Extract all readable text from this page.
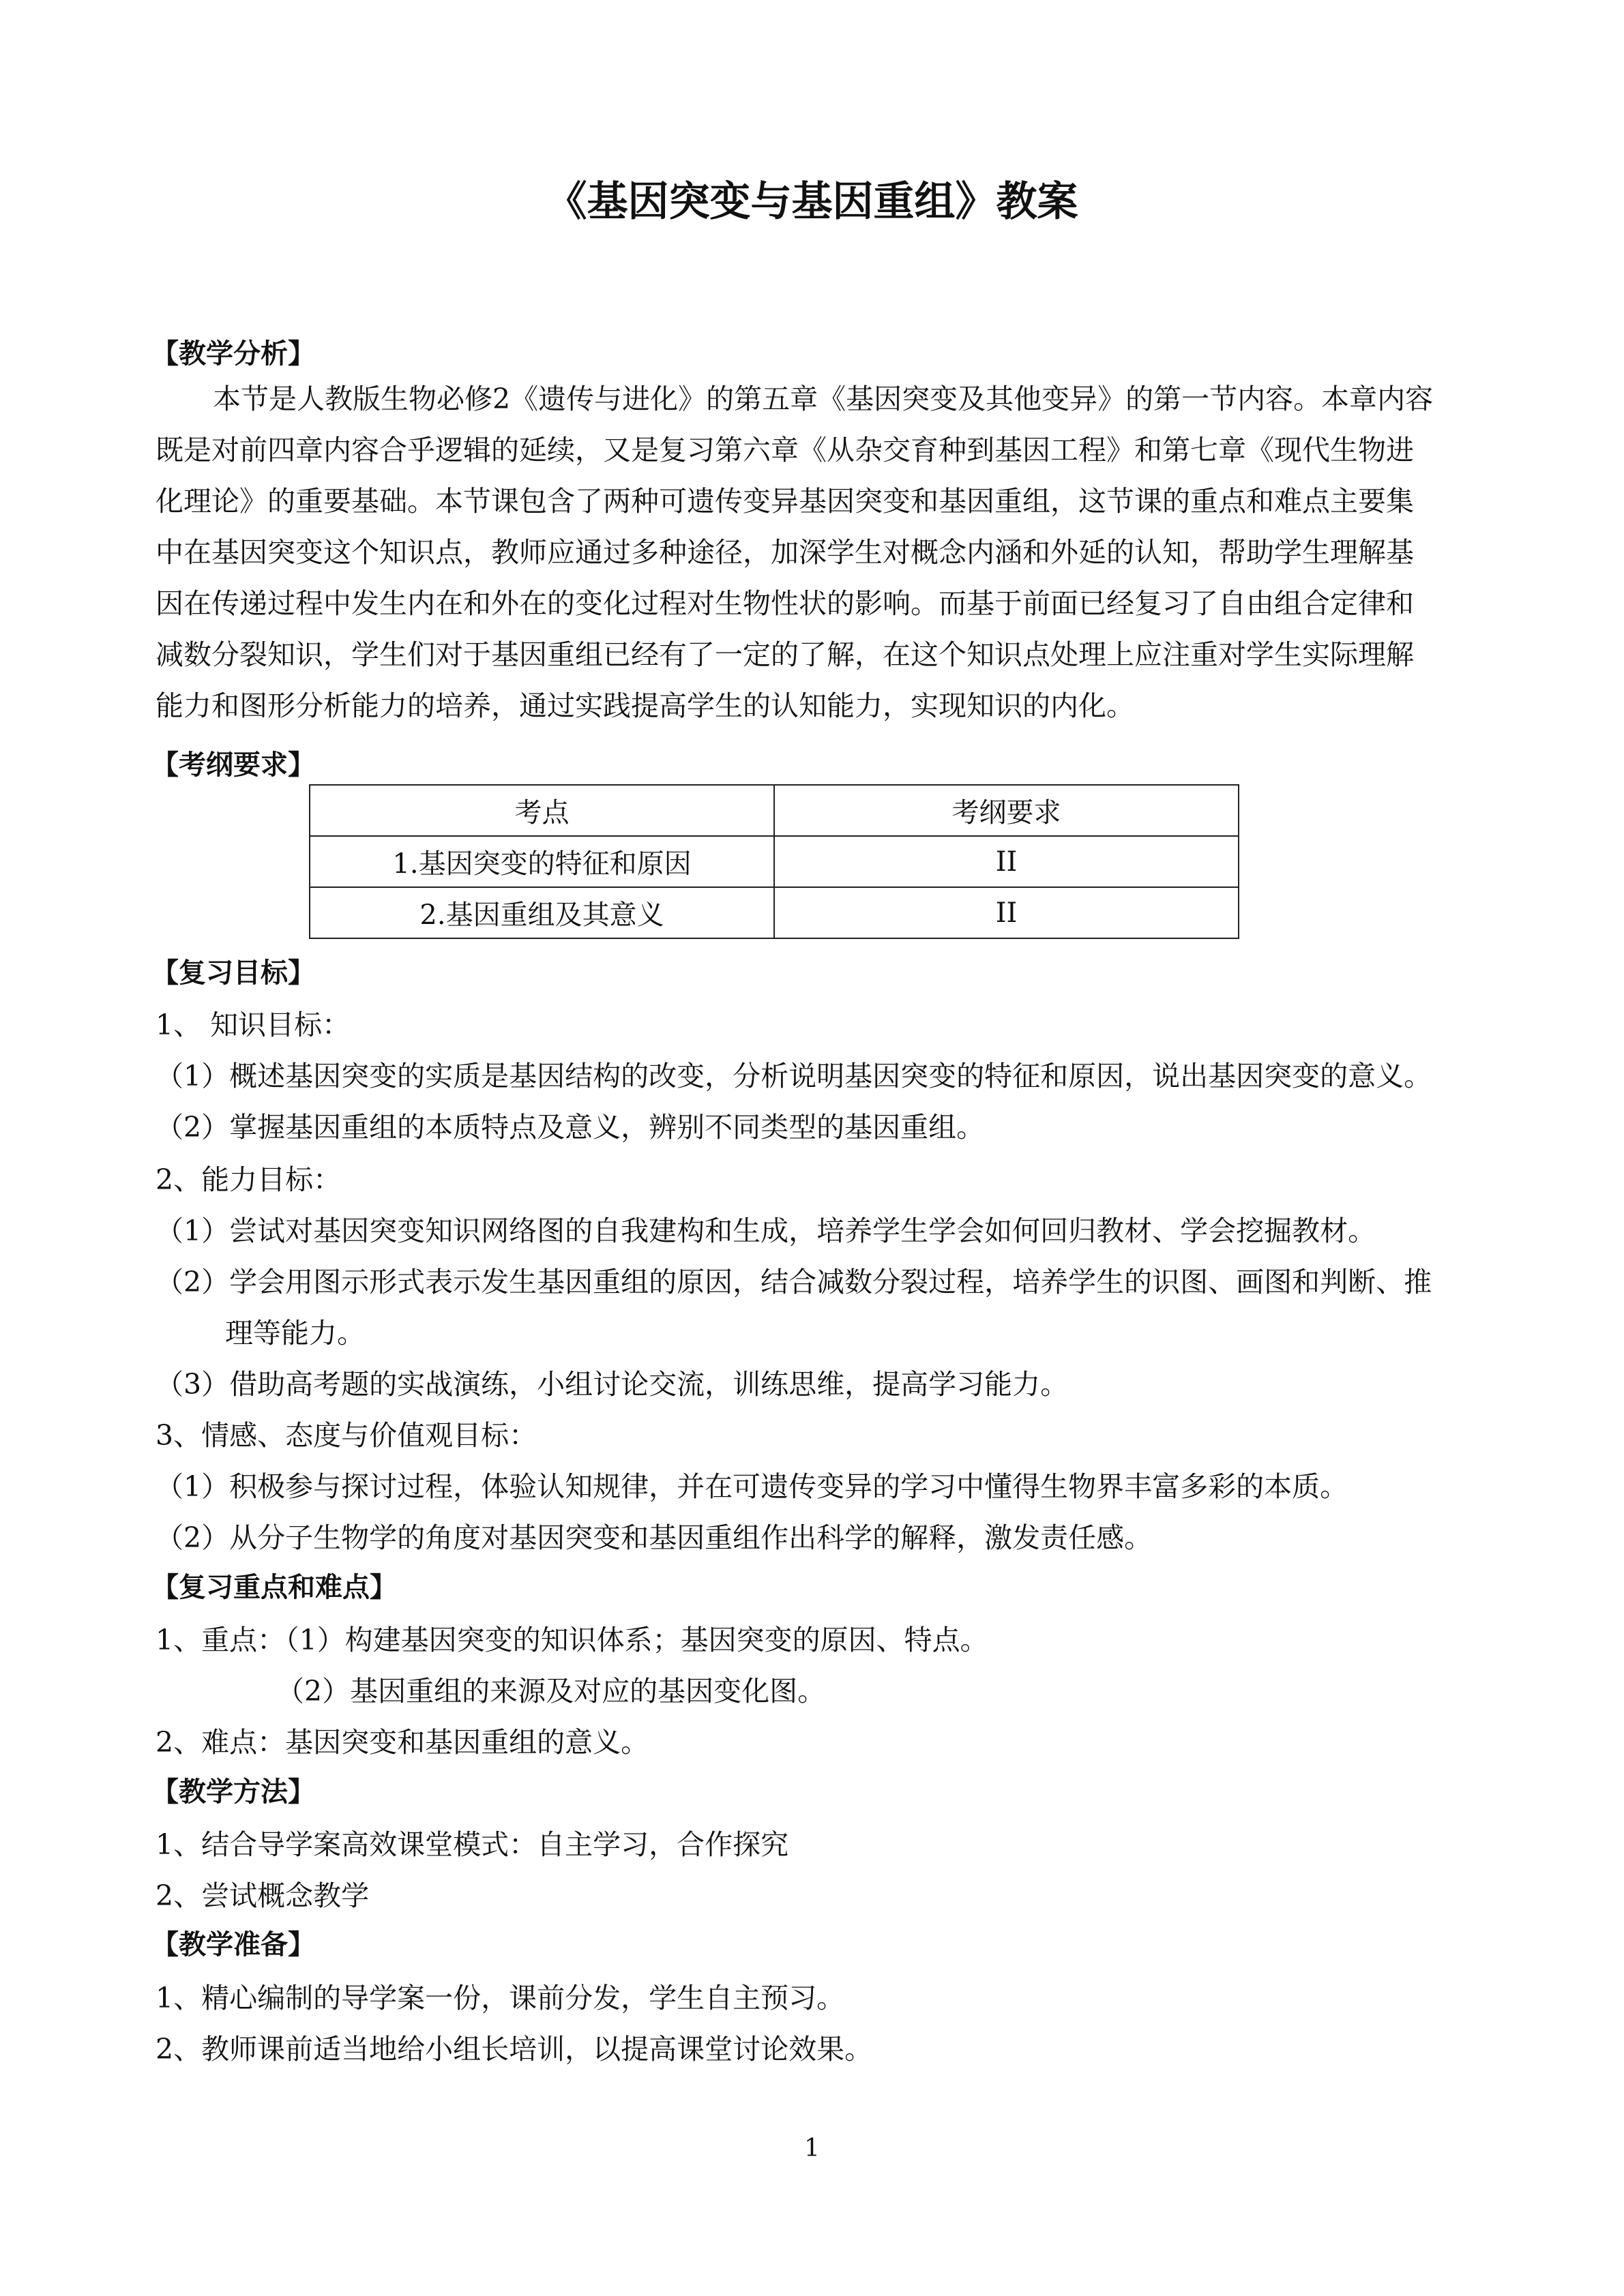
《基因突变与基因重组》教案
【教学分析】
本节是人教版生物必修2《遗传与进化》的第五章《基因突变及其他变异》的第一节内容。本章内容
既是对前四章内容合乎逻辑的延续，又是复习第六章《从杂交育种到基因工程》和第七章《现代生物进
化理论》的重要基础。本节课包含了两种可遗传变异基因突变和基因重组，这节课的重点和难点主要集
中在基因突变这个知识点，教师应通过多种途径，加深学生对概念内涵和外延的认知，帮助学生理解基
因在传递过程中发生内在和外在的变化过程对生物性状的影响。而基于前面已经复习了自由组合定律和
减数分裂知识，学生们对于基因重组已经有了一定的了解，在这个知识点处理上应注重对学生实际理解
能力和图形分析能力的培养，通过实践提高学生的认知能力，实现知识的内化。
【考纲要求】
考点	考纲要求
1.基因突变的特征和原因	II
2.基因重组及其意义	II
【复习目标】
1、 知识目标：
（1）概述基因突变的实质是基因结构的改变，分析说明基因突变的特征和原因，说出基因突变的意义。
（2）掌握基因重组的本质特点及意义，辨别不同类型的基因重组。
2、能力目标：
（1）尝试对基因突变知识网络图的自我建构和生成，培养学生学会如何回归教材、学会挖掘教材。
（2）学会用图示形式表示发生基因重组的原因，结合减数分裂过程，培养学生的识图、画图和判断、推
理等能力。
（3）借助高考题的实战演练，小组讨论交流，训练思维，提高学习能力。
3、情感、态度与价值观目标：
（1）积极参与探讨过程，体验认知规律，并在可遗传变异的学习中懂得生物界丰富多彩的本质。
（2）从分子生物学的角度对基因突变和基因重组作出科学的解释，激发责任感。
【复习重点和难点】
1、重点：（1）构建基因突变的知识体系；基因突变的原因、特点。
（2）基因重组的来源及对应的基因变化图。
2、难点：基因突变和基因重组的意义。
【教学方法】
1、结合导学案高效课堂模式：自主学习，合作探究
2、尝试概念教学
【教学准备】
1、精心编制的导学案一份，课前分发，学生自主预习。
2、教师课前适当地给小组长培训，以提高课堂讨论效果。
1
